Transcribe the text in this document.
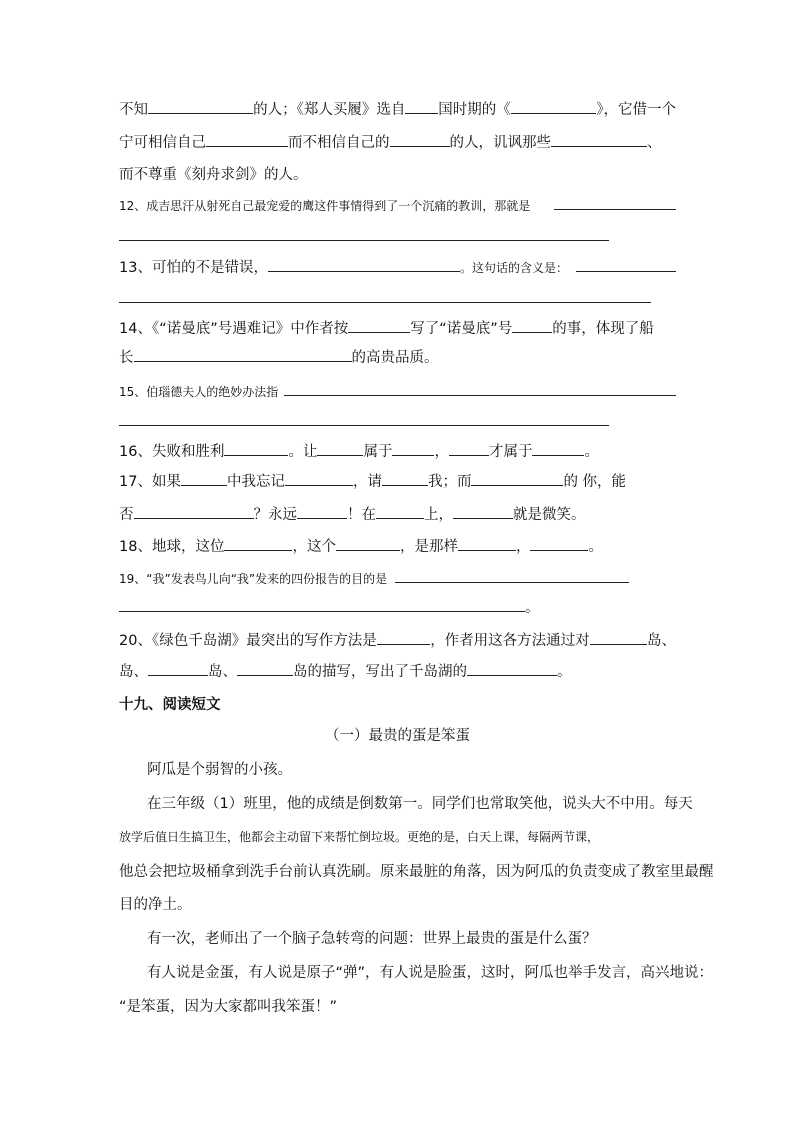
不知	的人；《郑人买履》选自 国时期的《	》，它借一个
宁可相信自己	而不相信自己的	的人，讥讽那些	、
而不尊重《刻舟求剑》的人。
12、成吉思汗从射死自己最宠爱的鹰这件事情得到了一个沉痛的教训，那就是
13、可怕的不是错误，	。这句话的含义是：
14、《“诺曼底”号遇难记》中作者按	写了“诺曼底”号	的事，体现了船
长	的高贵品质。
15、伯瑙德夫人的绝妙办法指
16、失败和胜利	。让	属于	，	才属于	。
17、如果	中我忘记	，请	我；而	的 你，能
否	？永远	！在	上，	就是微笑。
18、地球，这位	，这个	，是那样	，	。
19、“我”发表鸟儿向“我”发来的四份报告的目的是
。
20、《绿色千岛湖》最突出的写作方法是	，作者用这各方法通过对	岛、
岛、	岛、	岛的描写，写出了千岛湖的	。
十九、阅读短文
（一）最贵的蛋是笨蛋
阿瓜是个弱智的小孩。
在三年级（1）班里，他的成绩是倒数第一。同学们也常取笑他，说头大不中用。每天
放学后值日生搞卫生，他都会主动留下来帮忙倒垃圾。更绝的是，白天上课，每隔两节课，
他总会把垃圾桶拿到洗手台前认真洗刷。原来最脏的角落，因为阿瓜的负责变成了教室里最醒
目的净土。
有一次，老师出了一个脑子急转弯的问题：世界上最贵的蛋是什么蛋？
有人说是金蛋，有人说是原子“弹”，有人说是脸蛋，这时，阿瓜也举手发言，高兴地说：
“是笨蛋，因为大家都叫我笨蛋！”
